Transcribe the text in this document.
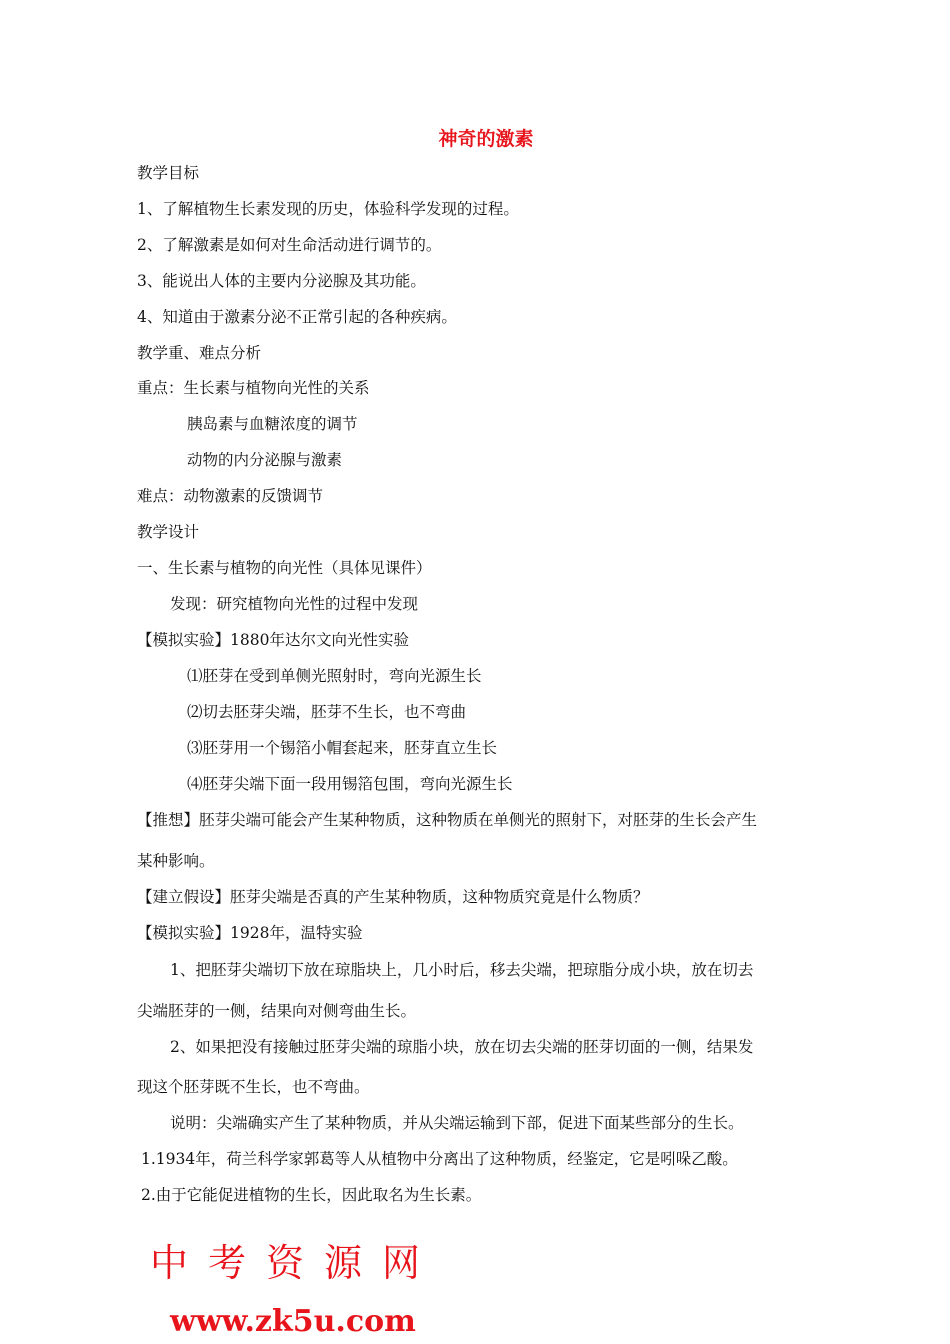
神奇的激素
教学目标
1、了解植物生长素发现的历史，体验科学发现的过程。
2、了解激素是如何对生命活动进行调节的。
3、能说出人体的主要内分泌腺及其功能。
4、知道由于激素分泌不正常引起的各种疾病。
教学重、难点分析
重点：生长素与植物向光性的关系
胰岛素与血糖浓度的调节
动物的内分泌腺与激素
难点：动物激素的反馈调节
教学设计
一、生长素与植物的向光性（具体见课件）
发现：研究植物向光性的过程中发现
【模拟实验】1880年达尔文向光性实验
⑴胚芽在受到单侧光照射时，弯向光源生长
⑵切去胚芽尖端，胚芽不生长，也不弯曲
⑶胚芽用一个锡箔小帽套起来，胚芽直立生长
⑷胚芽尖端下面一段用锡箔包围，弯向光源生长
【推想】胚芽尖端可能会产生某种物质，这种物质在单侧光的照射下，对胚芽的生长会产生
某种影响。
【建立假设】胚芽尖端是否真的产生某种物质，这种物质究竟是什么物质？
【模拟实验】1928年，温特实验
1、把胚芽尖端切下放在琼脂块上，几小时后，移去尖端，把琼脂分成小块，放在切去
尖端胚芽的一侧，结果向对侧弯曲生长。
2、如果把没有接触过胚芽尖端的琼脂小块，放在切去尖端的胚芽切面的一侧，结果发
现这个胚芽既不生长，也不弯曲。
说明：尖端确实产生了某种物质，并从尖端运输到下部，促进下面某些部分的生长。
1.1934年，荷兰科学家郭葛等人从植物中分离出了这种物质，经鉴定，它是吲哚乙酸。
2.由于它能促进植物的生长，因此取名为生长素。
中考资源网
www.zk5u.com
